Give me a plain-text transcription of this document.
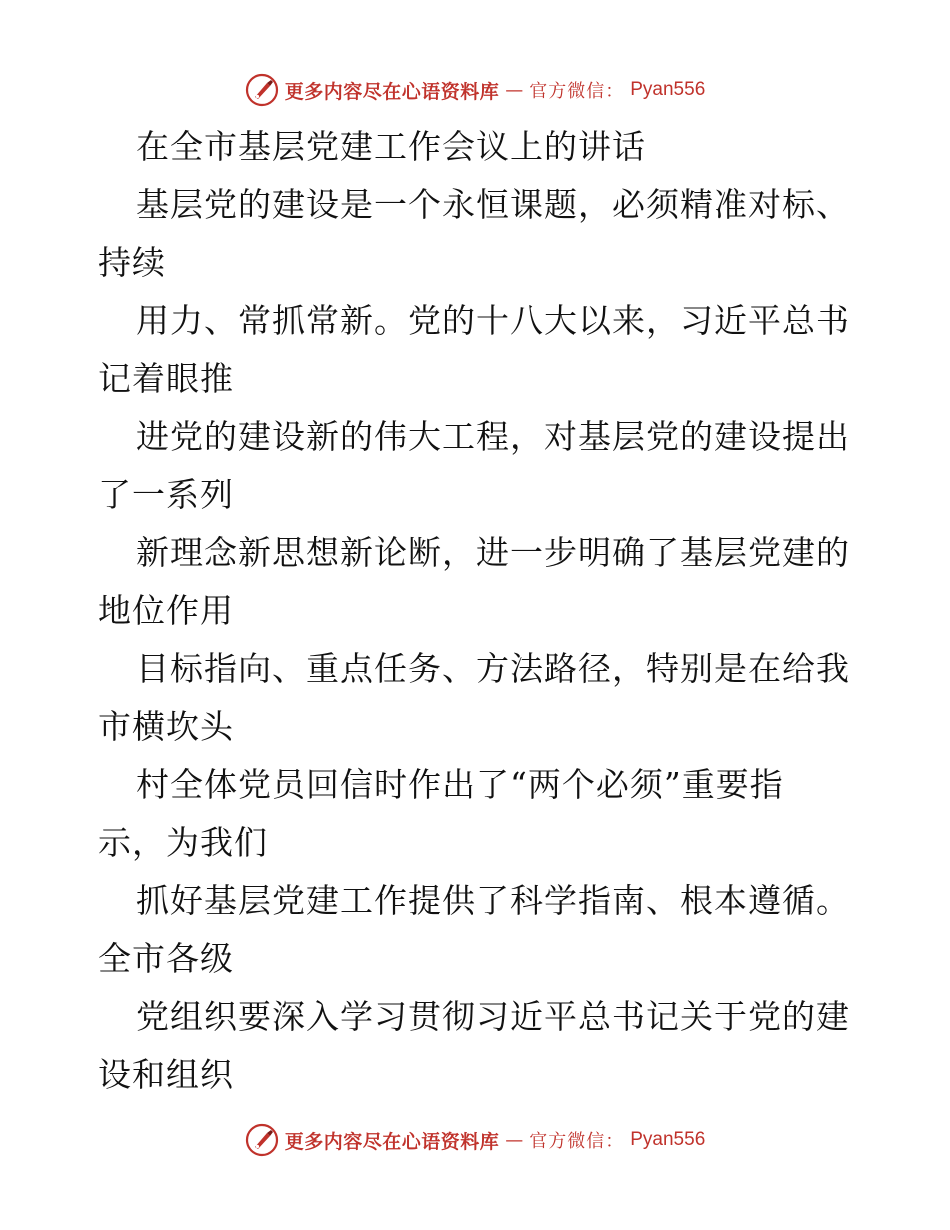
更多内容尽在心语资料库 — 官方微信： Pyan556
在全市基层党建工作会议上的讲话
基层党的建设是一个永恒课题，必须精准对标、
持续
用力、常抓常新。党的十八大以来，习近平总书
记着眼推
进党的建设新的伟大工程，对基层党的建设提出
了一系列
新理念新思想新论断，进一步明确了基层党建的
地位作用
目标指向、重点任务、方法路径，特别是在给我
市横坎头
村全体党员回信时作出了“两个必须”重要指
示，为我们
抓好基层党建工作提供了科学指南、根本遵循。
全市各级
党组织要深入学习贯彻习近平总书记关于党的建
设和组织
更多内容尽在心语资料库 — 官方微信： Pyan556
